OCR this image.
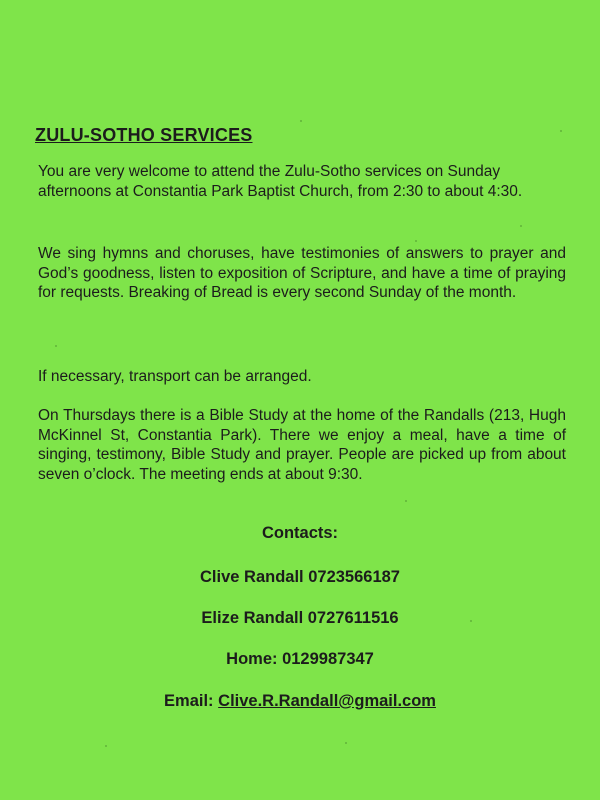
ZULU-SOTHO SERVICES

You are very welcome to attend the Zulu-Sotho services on Sunday afternoons at Constantia Park Baptist Church, from 2:30 to about 4:30.

We sing hymns and choruses, have testimonies of answers to prayer and God’s goodness, listen to exposition of Scripture, and have a time of praying for requests. Breaking of Bread is every second Sunday of the month.

If necessary, transport can be arranged.

On Thursdays there is a Bible Study at the home of the Randalls (213, Hugh McKinnel St, Constantia Park). There we enjoy a meal, have a time of singing, testimony, Bible Study and prayer. People are picked up from about seven o’clock. The meeting ends at about 9:30.

Contacts:

Clive Randall 0723566187

Elize Randall 0727611516

Home: 0129987347

Email: Clive.R.Randall@gmail.com
